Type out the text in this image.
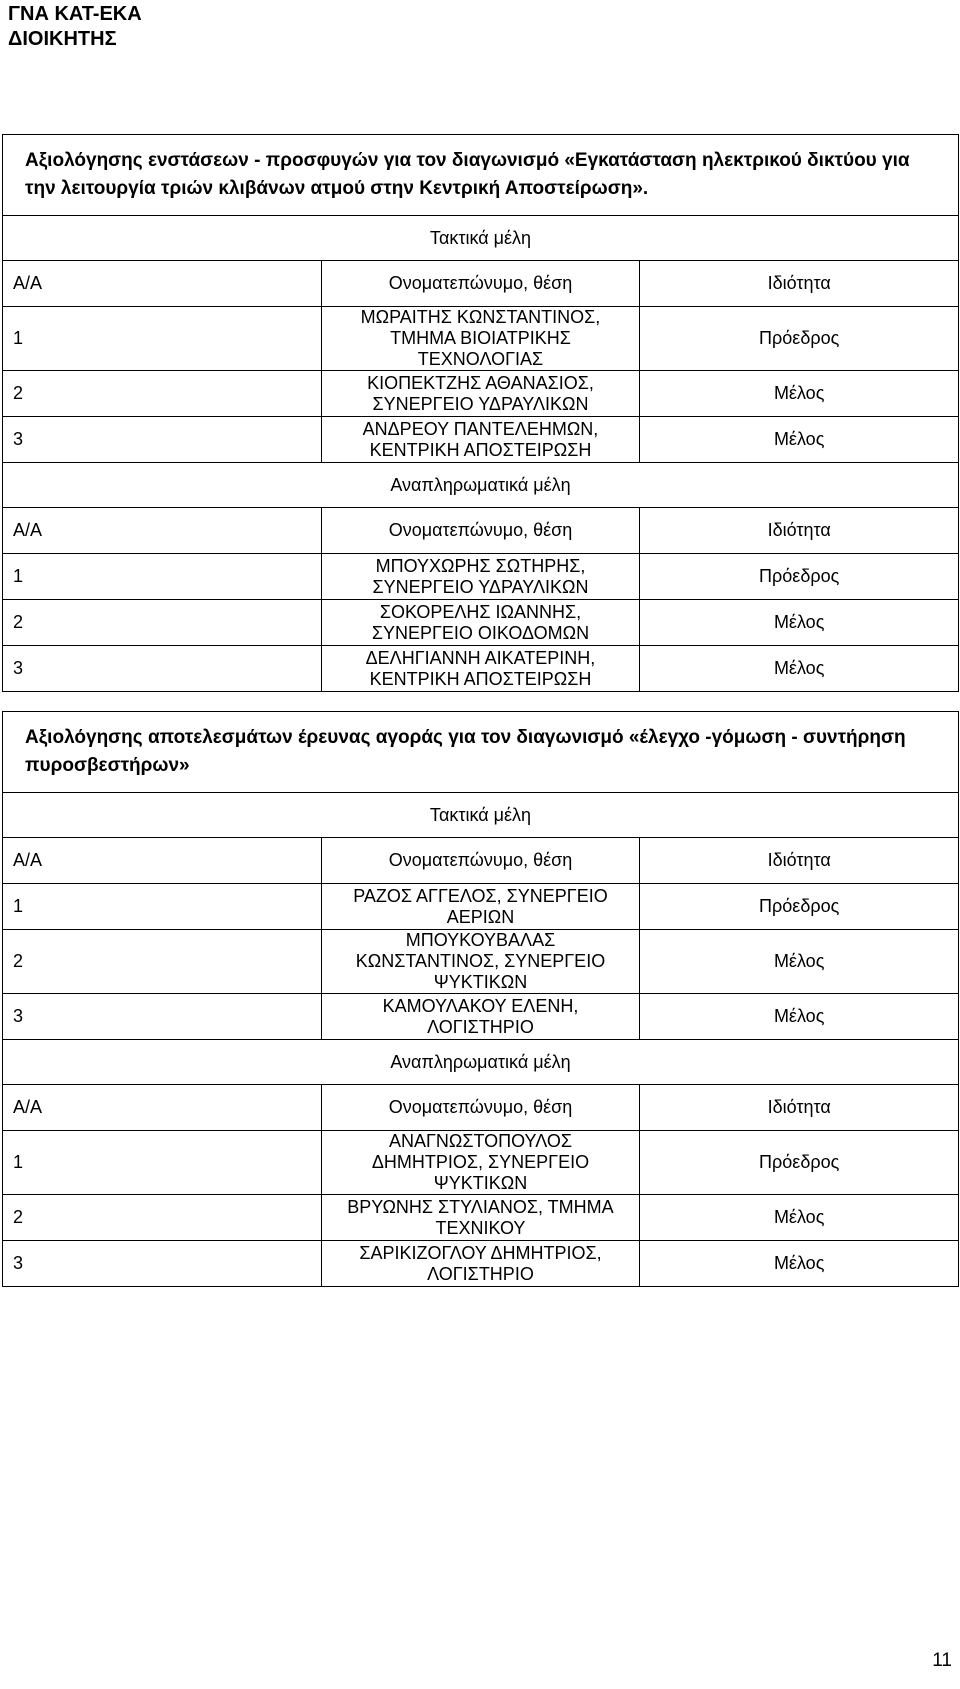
ΓΝΑ ΚΑΤ-ΕΚΑ
ΔΙΟΙΚΗΤΗΣ
Αξιολόγησης ενστάσεων - προσφυγών για τον διαγωνισμό «Εγκατάσταση ηλεκτρικού δικτύου για την λειτουργία τριών κλιβάνων ατμού στην Κεντρική Αποστείρωση».		
Τακτικά μέλη		
Α/Α	Ονοματεπώνυμο, θέση	Ιδιότητα
1	ΜΩΡΑΙΤΗΣ ΚΩΝΣΤΑΝΤΙΝΟΣ, ΤΜΗΜΑ ΒΙΟΙΑΤΡΙΚΗΣ ΤΕΧΝΟΛΟΓΙΑΣ	Πρόεδρος
2	ΚΙΟΠΕΚΤΖΗΣ ΑΘΑΝΑΣΙΟΣ, ΣΥΝΕΡΓΕΙΟ ΥΔΡΑΥΛΙΚΩΝ	Μέλος
3	ΑΝΔΡΕΟΥ ΠΑΝΤΕΛΕΗΜΩΝ, ΚΕΝΤΡΙΚΗ ΑΠΟΣΤΕΙΡΩΣΗ	Μέλος
Αναπληρωματικά μέλη		
Α/Α	Ονοματεπώνυμο, θέση	Ιδιότητα
1	ΜΠΟΥΧΩΡΗΣ ΣΩΤΗΡΗΣ, ΣΥΝΕΡΓΕΙΟ ΥΔΡΑΥΛΙΚΩΝ	Πρόεδρος
2	ΣΟΚΟΡΕΛΗΣ ΙΩΑΝΝΗΣ, ΣΥΝΕΡΓΕΙΟ ΟΙΚΟΔΟΜΩΝ	Μέλος
3	ΔΕΛΗΓΙΑΝΝΗ ΑΙΚΑΤΕΡΙΝΗ, ΚΕΝΤΡΙΚΗ ΑΠΟΣΤΕΙΡΩΣΗ	Μέλος
Αξιολόγησης αποτελεσμάτων έρευνας αγοράς για τον διαγωνισμό «έλεγχο -γόμωση - συντήρηση πυροσβεστήρων»		
Τακτικά μέλη		
Α/Α	Ονοματεπώνυμο, θέση	Ιδιότητα
1	ΡΑΖΟΣ ΑΓΓΕΛΟΣ, ΣΥΝΕΡΓΕΙΟ ΑΕΡΙΩΝ	Πρόεδρος
2	ΜΠΟΥΚΟΥΒΑΛΑΣ ΚΩΝΣΤΑΝΤΙΝΟΣ, ΣΥΝΕΡΓΕΙΟ ΨΥΚΤΙΚΩΝ	Μέλος
3	ΚΑΜΟΥΛΑΚΟΥ ΕΛΕΝΗ, ΛΟΓΙΣΤΗΡΙΟ	Μέλος
Αναπληρωματικά μέλη		
Α/Α	Ονοματεπώνυμο, θέση	Ιδιότητα
1	ΑΝΑΓΝΩΣΤΟΠΟΥΛΟΣ ΔΗΜΗΤΡΙΟΣ, ΣΥΝΕΡΓΕΙΟ ΨΥΚΤΙΚΩΝ	Πρόεδρος
2	ΒΡΥΩΝΗΣ ΣΤΥΛΙΑΝΟΣ, ΤΜΗΜΑ ΤΕΧΝΙΚΟΥ	Μέλος
3	ΣΑΡΙΚΙΖΟΓΛΟΥ ΔΗΜΗΤΡΙΟΣ, ΛΟΓΙΣΤΗΡΙΟ	Μέλος
11
